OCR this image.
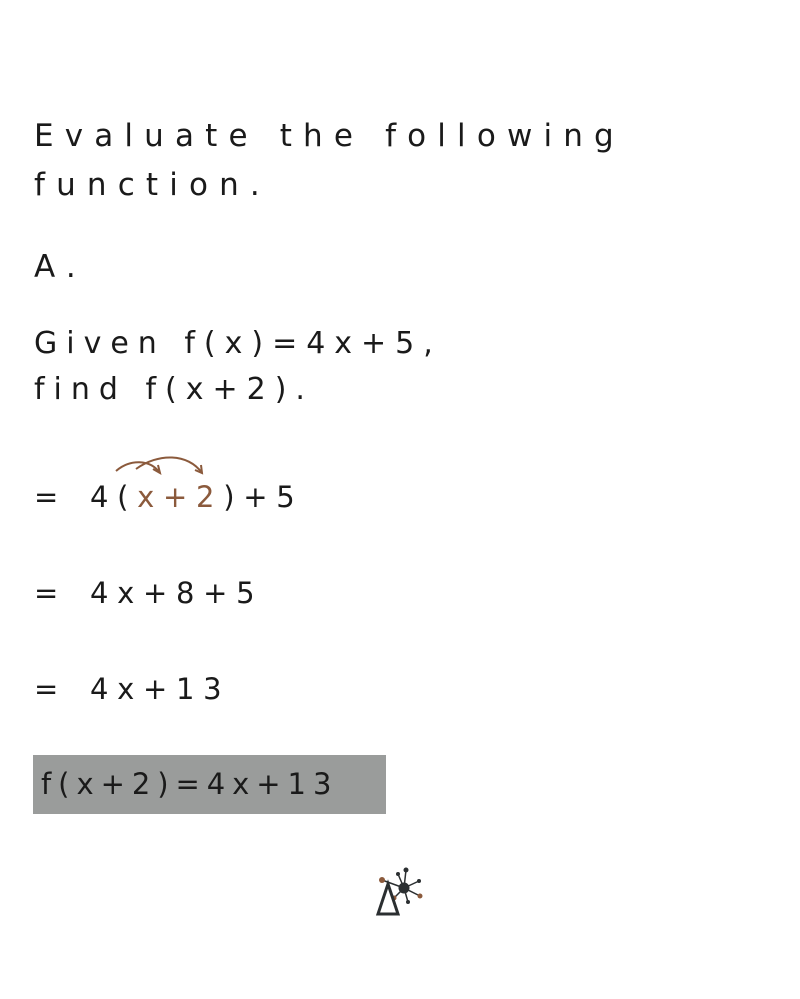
Evaluate the following
function.
A.
Given f(x)=4x+5,
find f(x+2).
= 4(x+2)+5
= 4x+8+5
= 4x+13
f(x+2)=4x+13
